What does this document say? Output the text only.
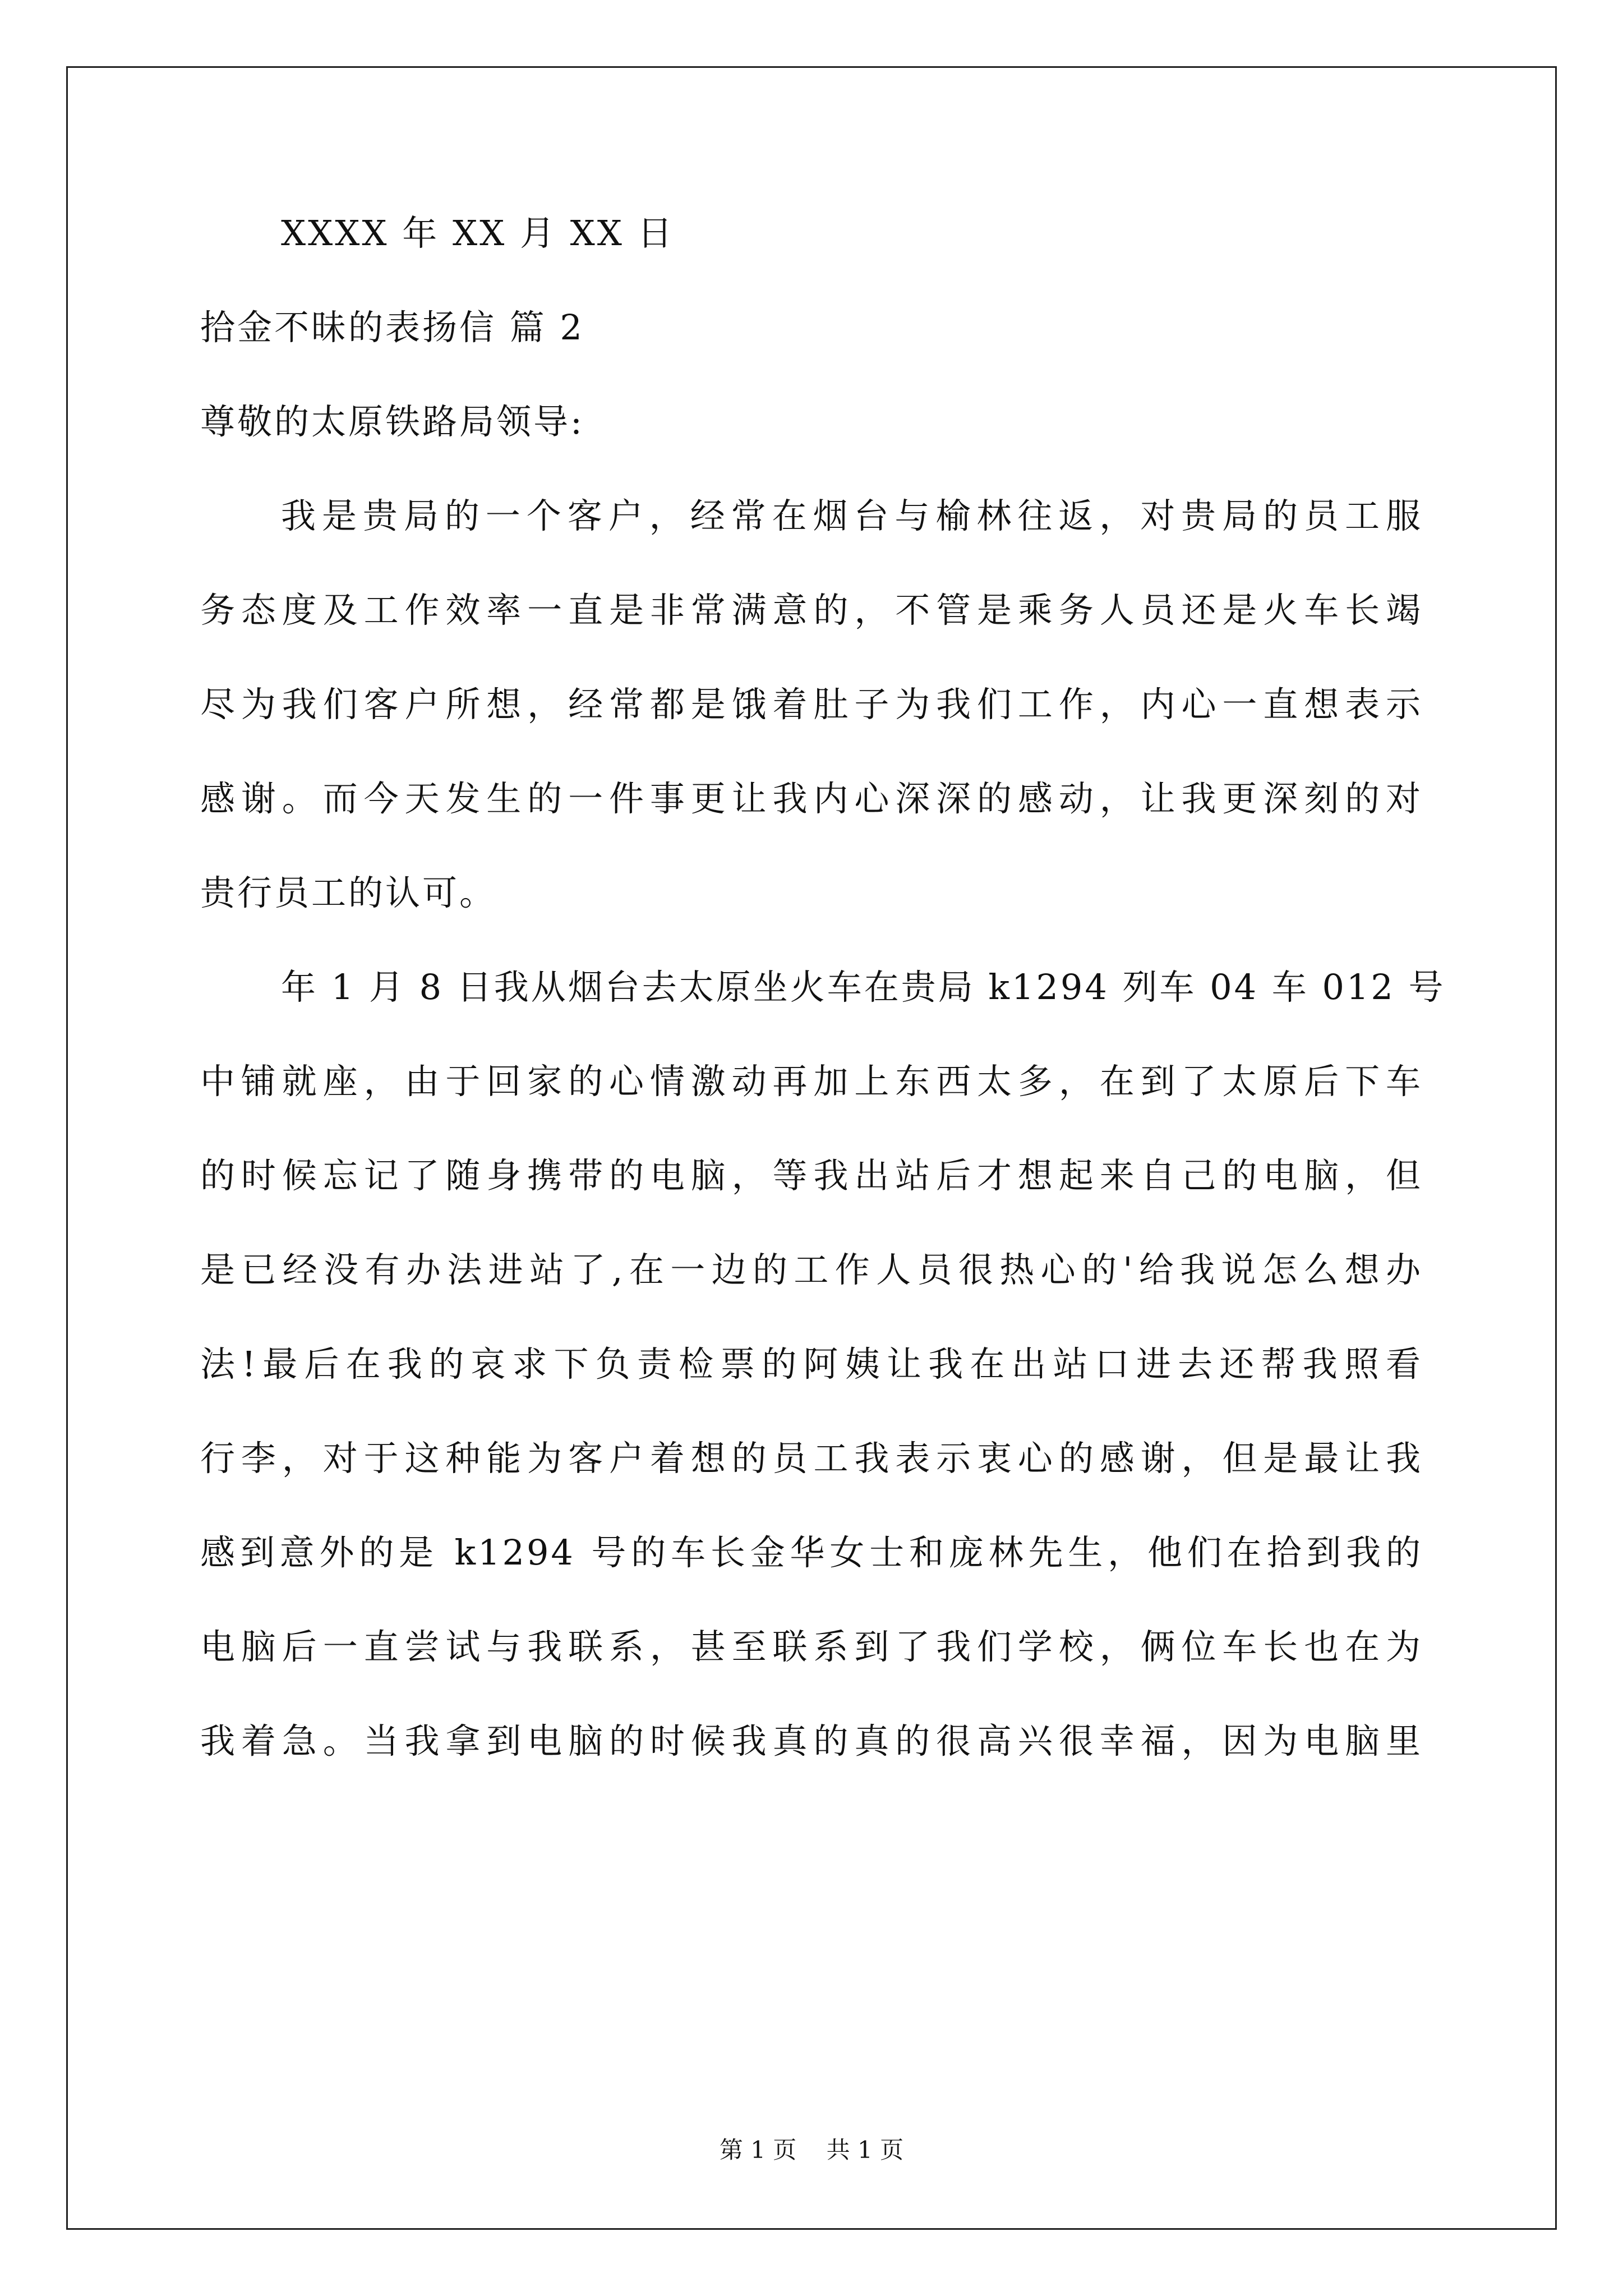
XXXX 年 XX 月 XX 日
拾金不昧的表扬信 篇 2
尊敬的太原铁路局领导:
我是贵局的一个客户，经常在烟台与榆林往返，对贵局的员工服
务态度及工作效率一直是非常满意的，不管是乘务人员还是火车长竭
尽为我们客户所想，经常都是饿着肚子为我们工作，内心一直想表示
感谢。而今天发生的一件事更让我内心深深的感动，让我更深刻的对
贵行员工的认可。
年 1 月 8 日我从烟台去太原坐火车在贵局 k1294 列车 04 车 012 号
中铺就座，由于回家的心情激动再加上东西太多，在到了太原后下车
的时候忘记了随身携带的电脑，等我出站后才想起来自己的电脑，但
是已经没有办法进站了,在一边的工作人员很热心的'给我说怎么想办
法!最后在我的哀求下负责检票的阿姨让我在出站口进去还帮我照看
行李，对于这种能为客户着想的员工我表示衷心的感谢，但是最让我
感到意外的是 k1294 号的车长金华女士和庞林先生，他们在拾到我的
电脑后一直尝试与我联系，甚至联系到了我们学校，俩位车长也在为
我着急。当我拿到电脑的时候我真的真的很高兴很幸福，因为电脑里
第 1 页 共 1 页
